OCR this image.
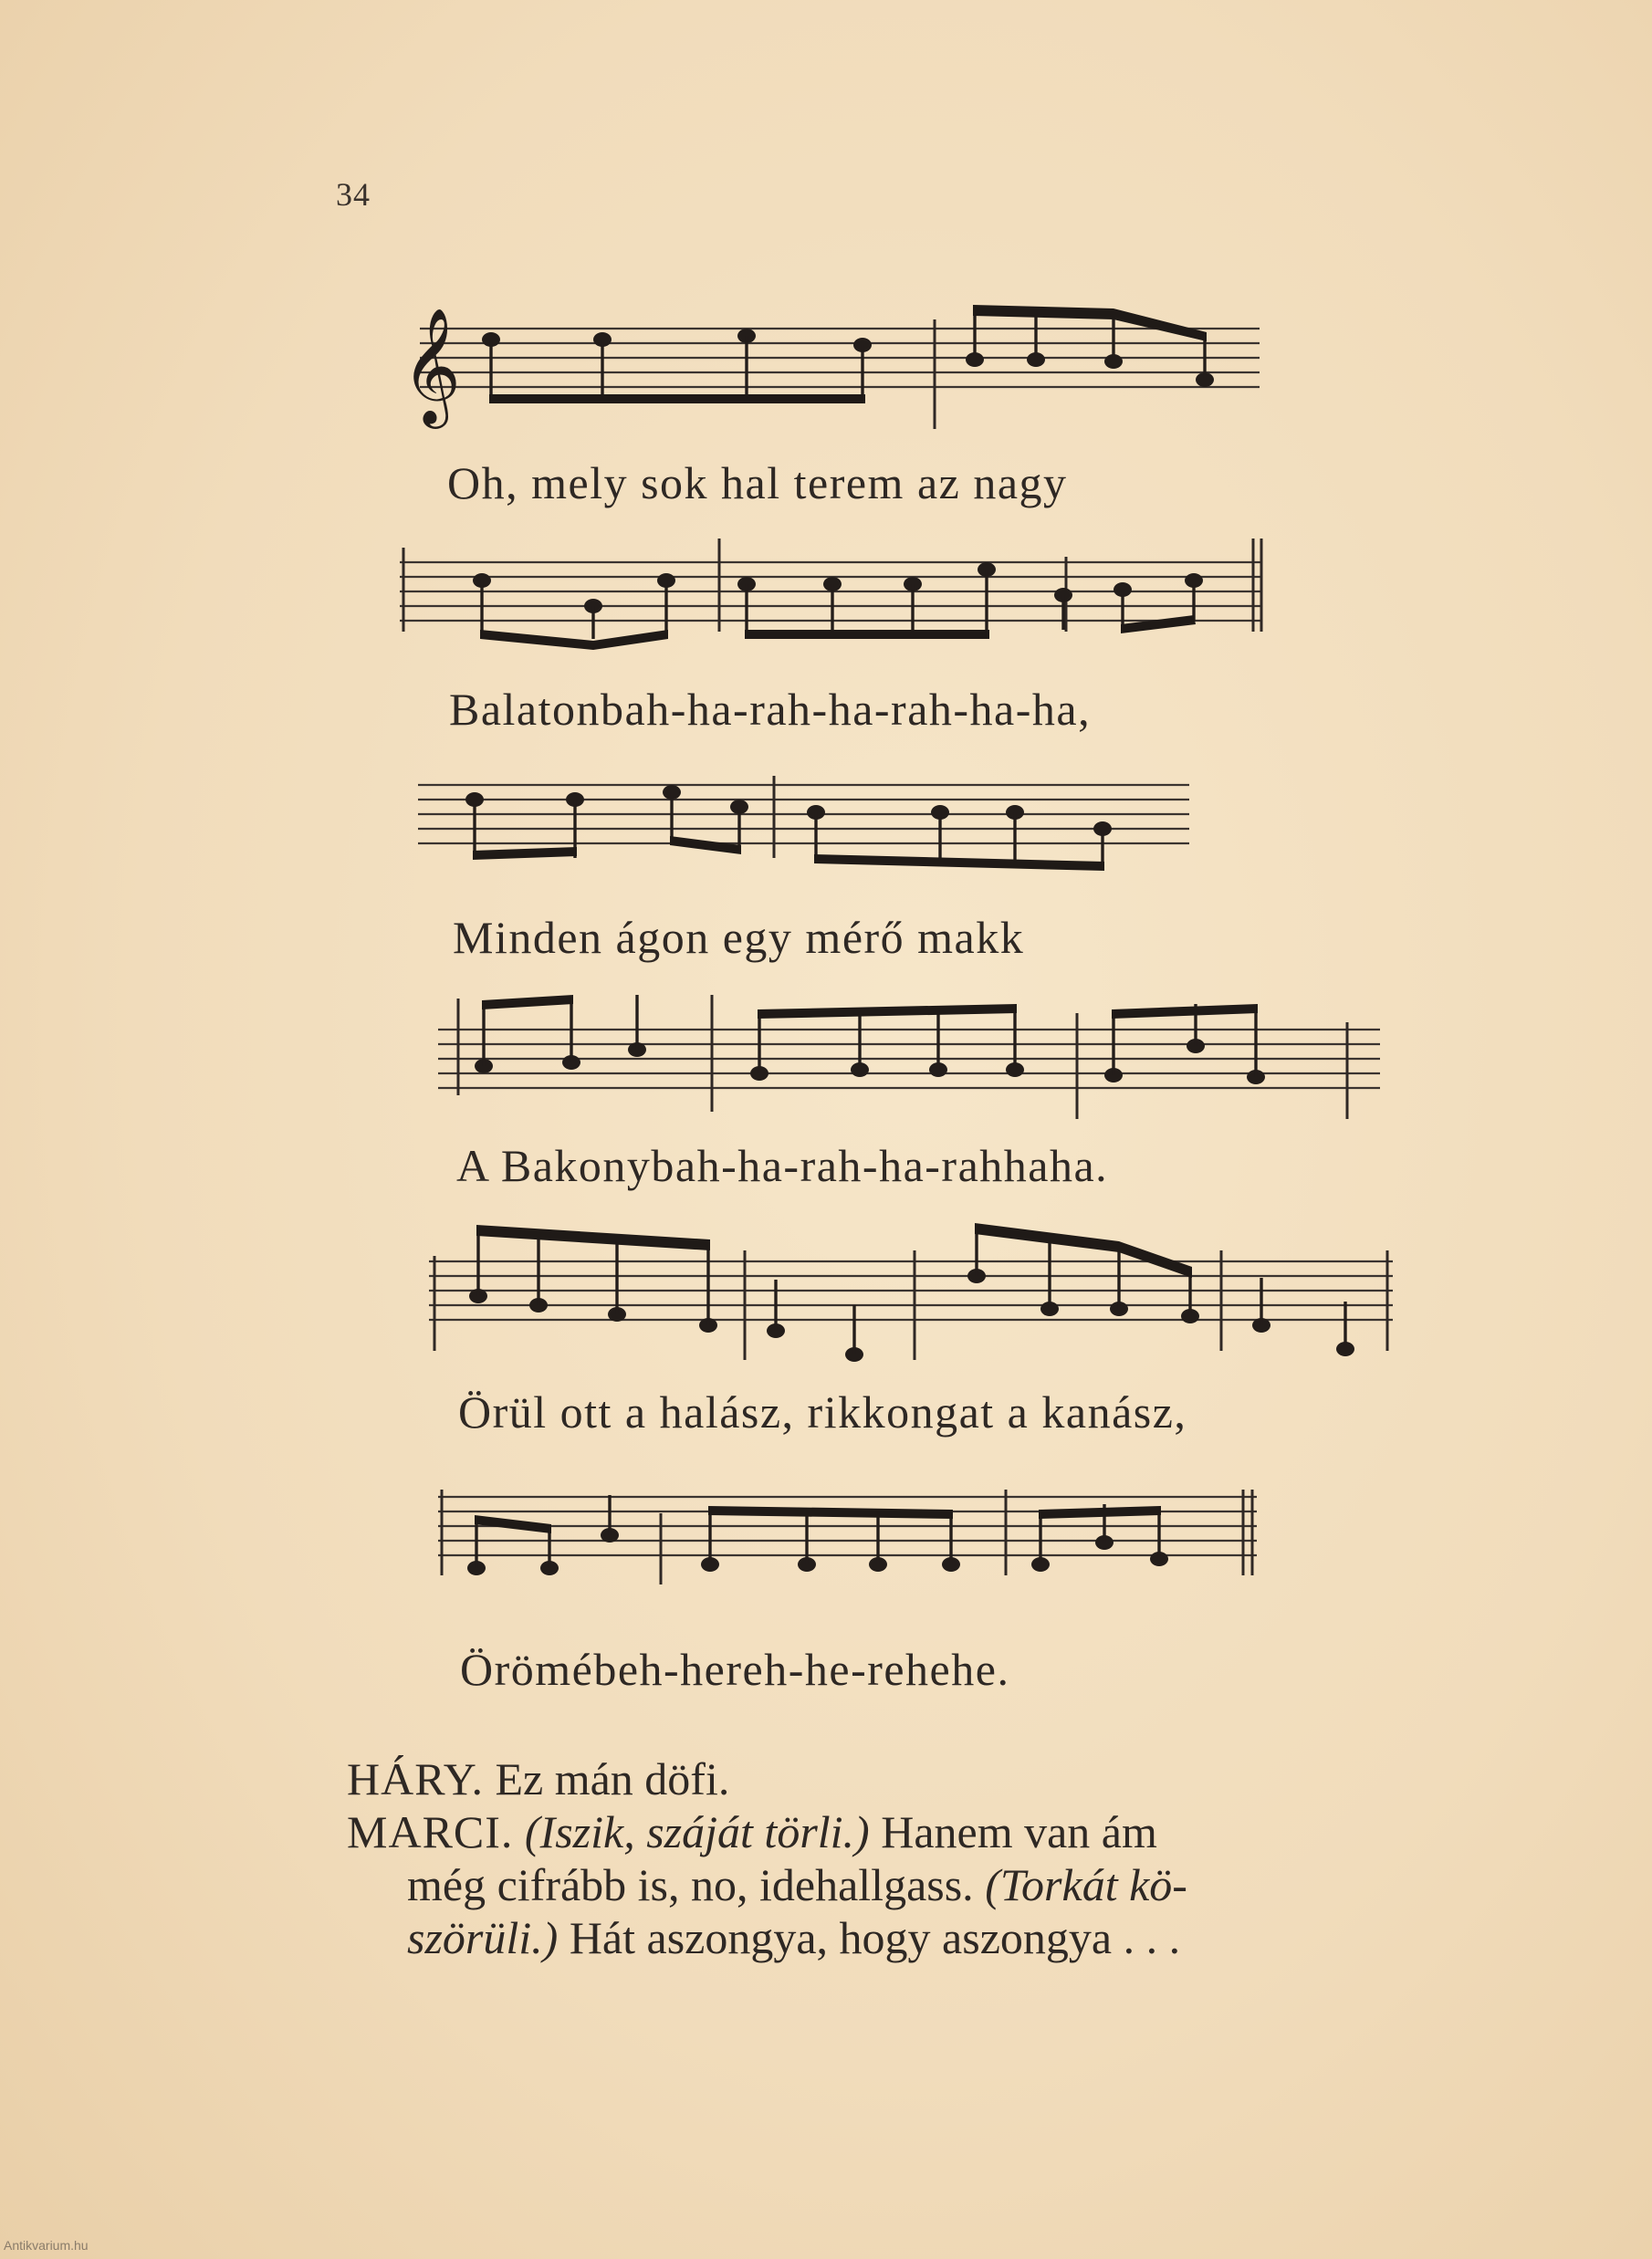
34
𝄞
Oh, mely sok hal terem az nagy
Balatonbah-ha-rah-ha-rah-ha-ha,
Minden ágon egy mérő makk
A Bakonybah-ha-rah-ha-rahhaha.
Örül ott a halász, rikkongat a kanász,
Örömébeh-hereh-he-rehehe.

HÁRY. Ez mán döfi.

MARCI. (Iszik, száját törli.) Hanem van ám

még cifrább is, no, idehallgass. (Torkát kö-

szörüli.) Hát aszongya, hogy aszongya . . .

Antikvarium.hu
